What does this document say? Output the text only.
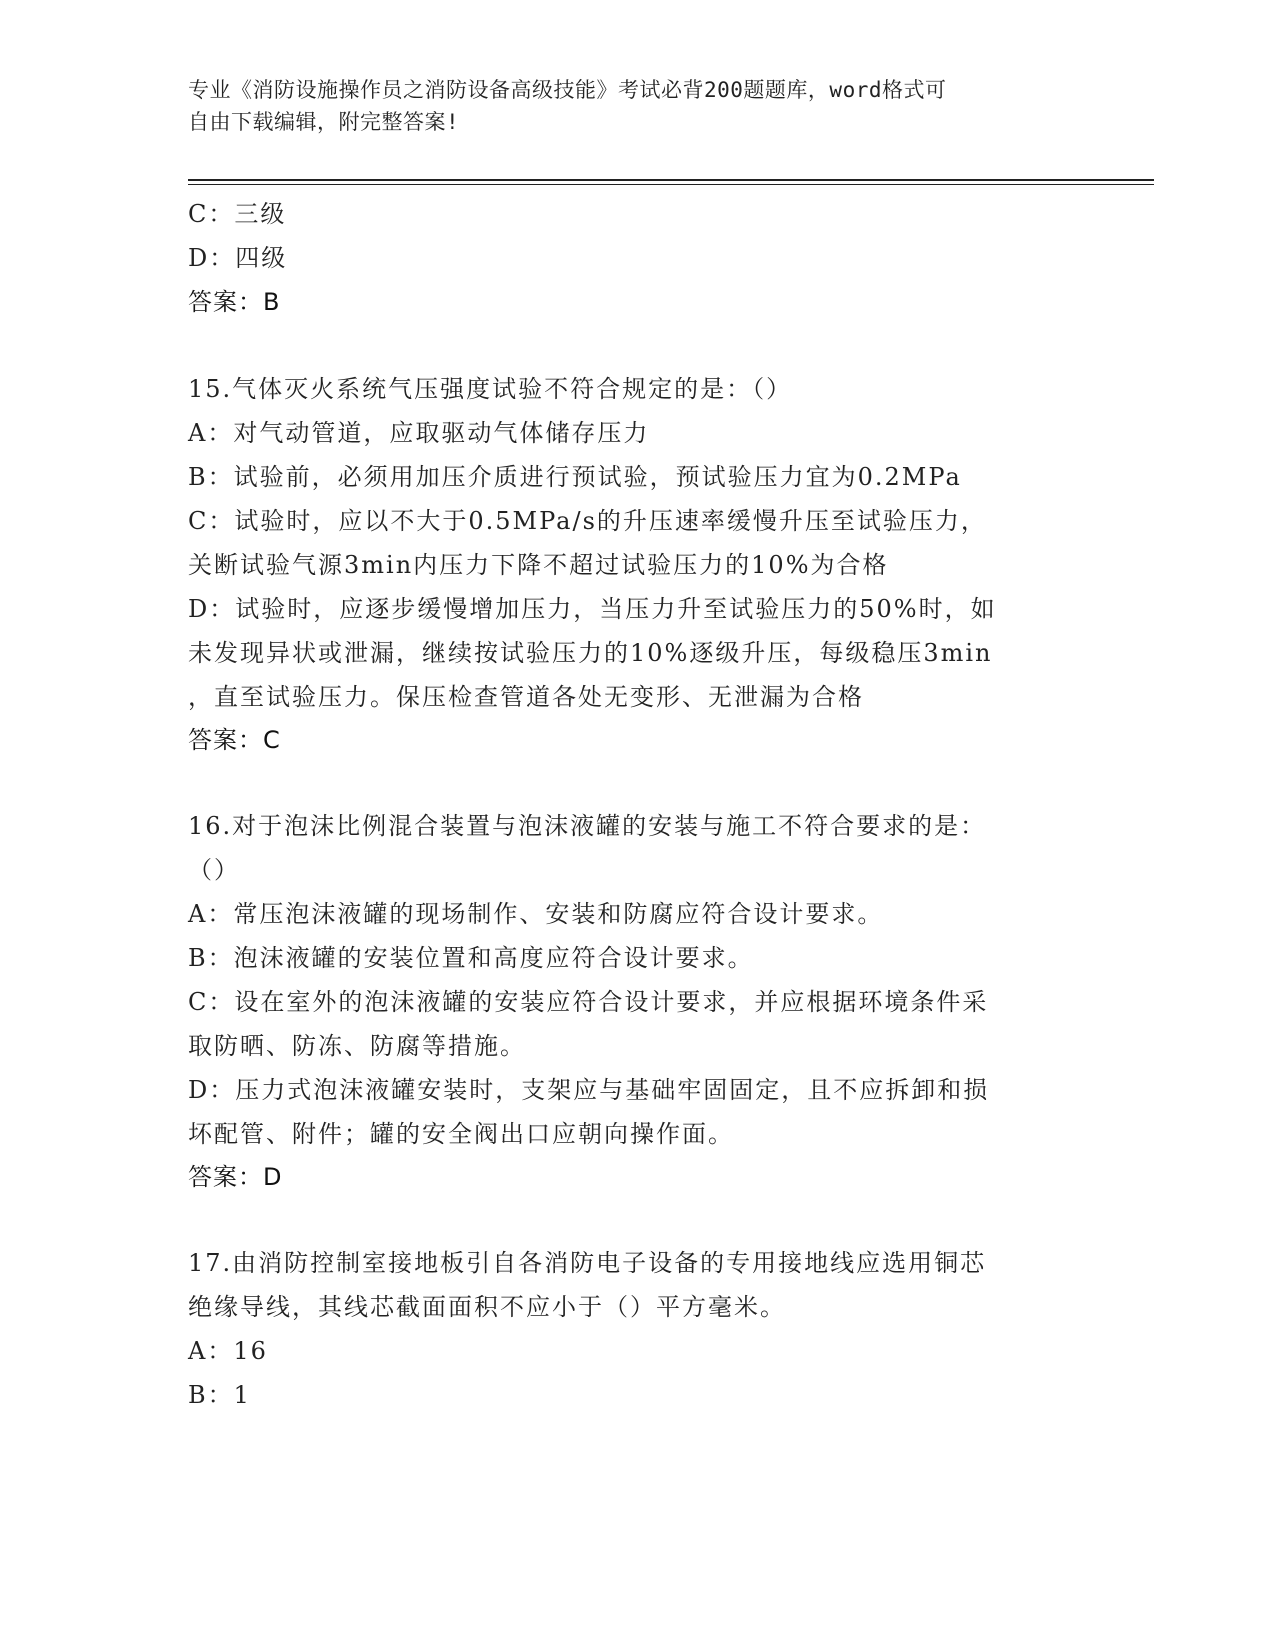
专业《消防设施操作员之消防设备高级技能》考试必背200题题库，word格式可
自由下载编辑，附完整答案!
C：三级
D：四级
答案：B
15.气体灭火系统气压强度试验不符合规定的是：（）
A：对气动管道，应取驱动气体储存压力
B：试验前，必须用加压介质进行预试验，预试验压力宜为0.2MPa
C：试验时，应以不大于0.5MPa/s的升压速率缓慢升压至试验压力，
关断试验气源3min内压力下降不超过试验压力的10%为合格
D：试验时，应逐步缓慢增加压力，当压力升至试验压力的50%时，如
未发现异状或泄漏，继续按试验压力的10%逐级升压，每级稳压3min
，直至试验压力。保压检查管道各处无变形、无泄漏为合格
答案：C
16.对于泡沫比例混合装置与泡沫液罐的安装与施工不符合要求的是：
（）
A：常压泡沫液罐的现场制作、安装和防腐应符合设计要求。
B：泡沫液罐的安装位置和高度应符合设计要求。
C：设在室外的泡沫液罐的安装应符合设计要求，并应根据环境条件采
取防晒、防冻、防腐等措施。
D：压力式泡沫液罐安装时，支架应与基础牢固固定，且不应拆卸和损
坏配管、附件；罐的安全阀出口应朝向操作面。
答案：D
17.由消防控制室接地板引自各消防电子设备的专用接地线应选用铜芯
绝缘导线，其线芯截面面积不应小于（）平方毫米。
A：16
B：1
